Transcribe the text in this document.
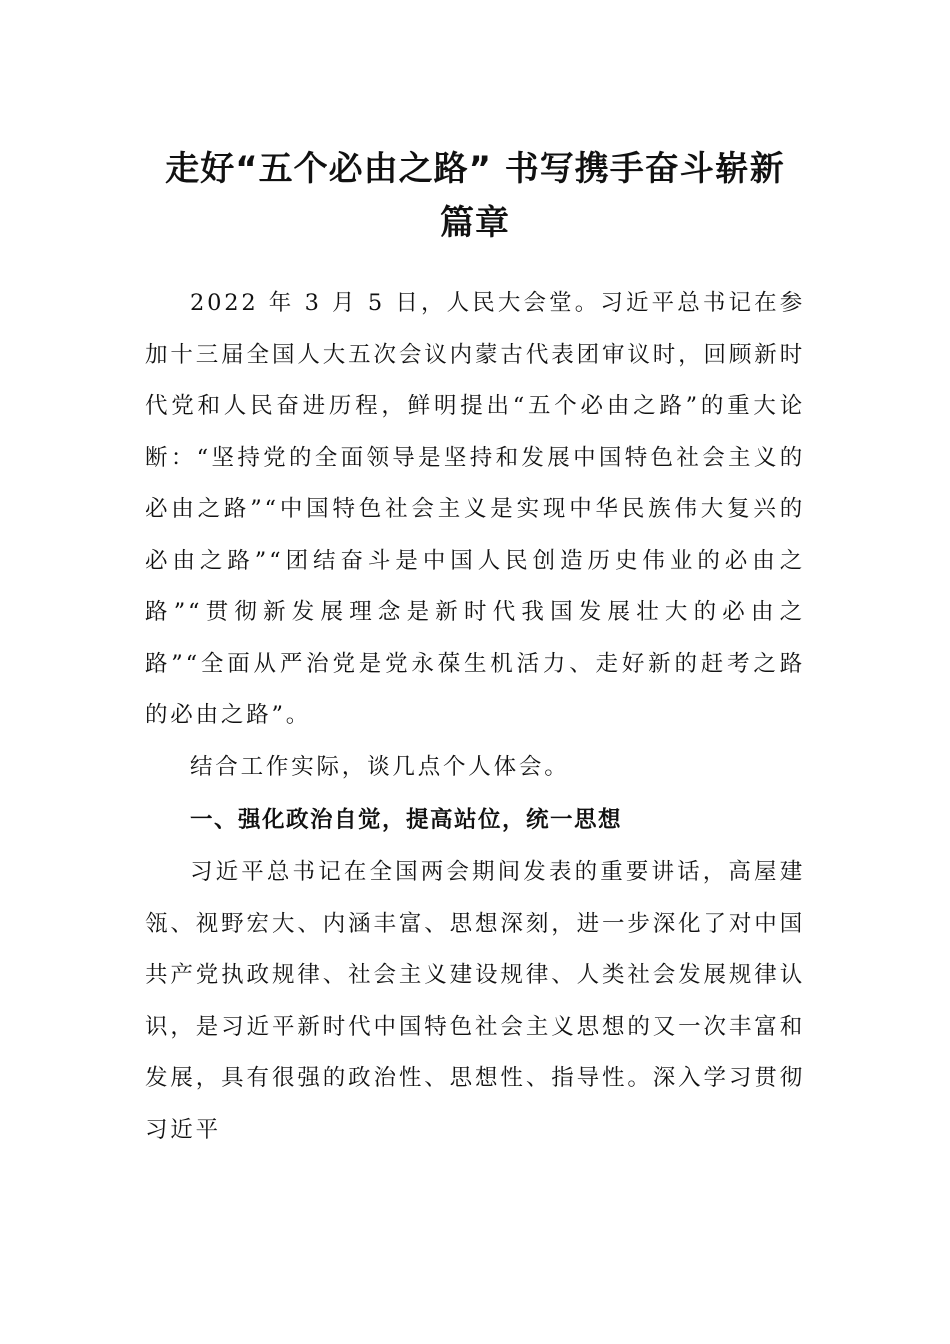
走好“五个必由之路” 书写携手奋斗崭新
篇章

2022 年 3 月 5 日，人民大会堂。习近平总书记在参加十三届全国人大五次会议内蒙古代表团审议时，回顾新时代党和人民奋进历程，鲜明提出“五个必由之路”的重大论断：“坚持党的全面领导是坚持和发展中国特色社会主义的必由之路”“中国特色社会主义是实现中华民族伟大复兴的必由之路”“团结奋斗是中国人民创造历史伟业的必由之路”“贯彻新发展理念是新时代我国发展壮大的必由之路”“全面从严治党是党永葆生机活力、走好新的赶考之路的必由之路”。

结合工作实际，谈几点个人体会。

一、强化政治自觉，提高站位，统一思想

习近平总书记在全国两会期间发表的重要讲话，高屋建瓴、视野宏大、内涵丰富、思想深刻，进一步深化了对中国共产党执政规律、社会主义建设规律、人类社会发展规律认识，是习近平新时代中国特色社会主义思想的又一次丰富和发展，具有很强的政治性、思想性、指导性。深入学习贯彻习近平
